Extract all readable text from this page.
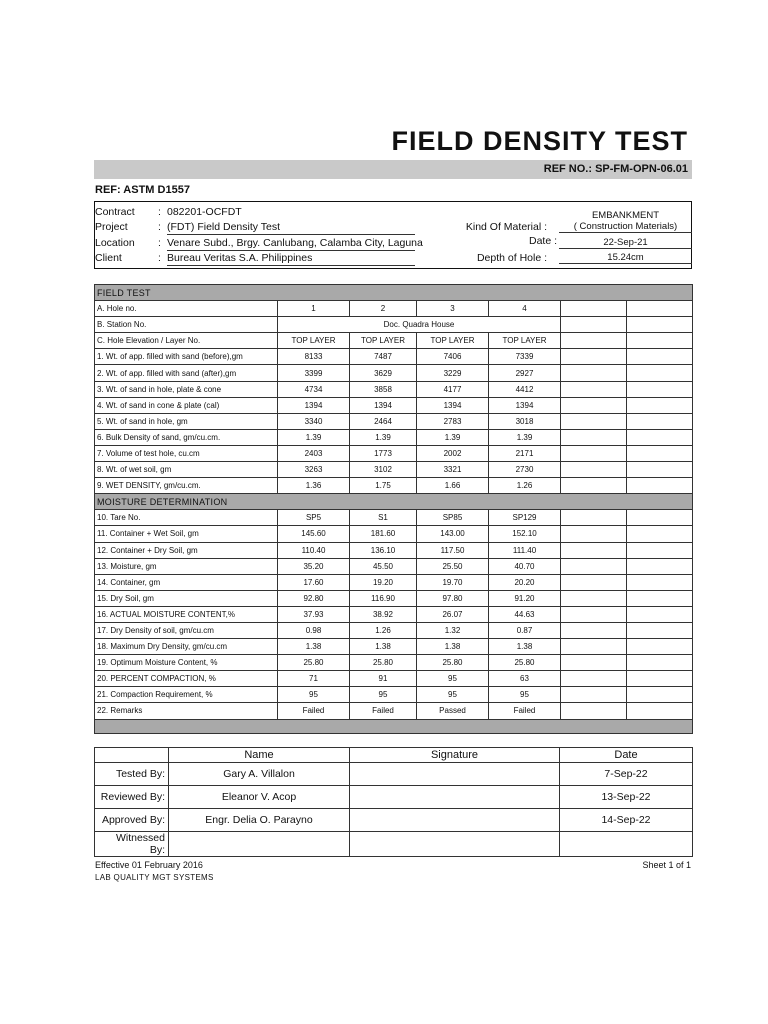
FIELD DENSITY TEST
REF NO.: SP-FM-OPN-06.01
REF: ASTM D1557
Contract	: 082201-OCFDT
Project	: (FDT) Field Density Test
Location	: Venare Subd., Brgy. Canlubang, Calamba City, Laguna
Client	: Bureau Veritas S.A. Philippines
Kind Of Material :
EMBANKMENT
( Construction Materials)
Date :	22-Sep-21
Depth of Hole :	15.24cm
FIELD TEST						
A. Hole no.	1	2	3	4		
B. Station No.	Doc. Quadra House					
C. Hole Elevation / Layer No.	TOP LAYER	TOP LAYER	TOP LAYER	TOP LAYER		
1. Wt. of app. filled with sand (before),gm	8133	7487	7406	7339		
2. Wt. of app. filled with sand (after),gm	3399	3629	3229	2927		
3. Wt. of sand in hole, plate & cone	4734	3858	4177	4412		
4. Wt. of sand in cone & plate (cal)	1394	1394	1394	1394		
5. Wt. of sand in hole, gm	3340	2464	2783	3018		
6. Bulk Density of sand, gm/cu.cm.	1.39	1.39	1.39	1.39		
7. Volume of test hole, cu.cm	2403	1773	2002	2171		
8. Wt. of wet soil, gm	3263	3102	3321	2730		
9. WET DENSITY, gm/cu.cm.	1.36	1.75	1.66	1.26		
MOISTURE DETERMINATION						
10. Tare No.	SP5	S1	SP85	SP129		
11. Container + Wet Soil, gm	145.60	181.60	143.00	152.10		
12. Container + Dry Soil, gm	110.40	136.10	117.50	111.40		
13. Moisture, gm	35.20	45.50	25.50	40.70		
14. Container, gm	17.60	19.20	19.70	20.20		
15. Dry Soil, gm	92.80	116.90	97.80	91.20		
16. ACTUAL MOISTURE CONTENT,%	37.93	38.92	26.07	44.63		
17. Dry Density of soil, gm/cu.cm	0.98	1.26	1.32	0.87		
18. Maximum Dry Density, gm/cu.cm	1.38	1.38	1.38	1.38		
19. Optimum Moisture Content, %	25.80	25.80	25.80	25.80		
20. PERCENT COMPACTION, %	71	91	95	63		
21. Compaction Requirement, %	95	95	95	95		
22. Remarks	Failed	Failed	Passed	Failed		

	Name	Signature	Date
Tested By:	Gary A. Villalon		7-Sep-22
Reviewed By:	Eleanor V. Acop		13-Sep-22
Approved By:	Engr. Delia O. Parayno		14-Sep-22
Witnessed By:			
Effective 01 February 2016
LAB QUALITY MGT SYSTEMS
Sheet 1 of 1
